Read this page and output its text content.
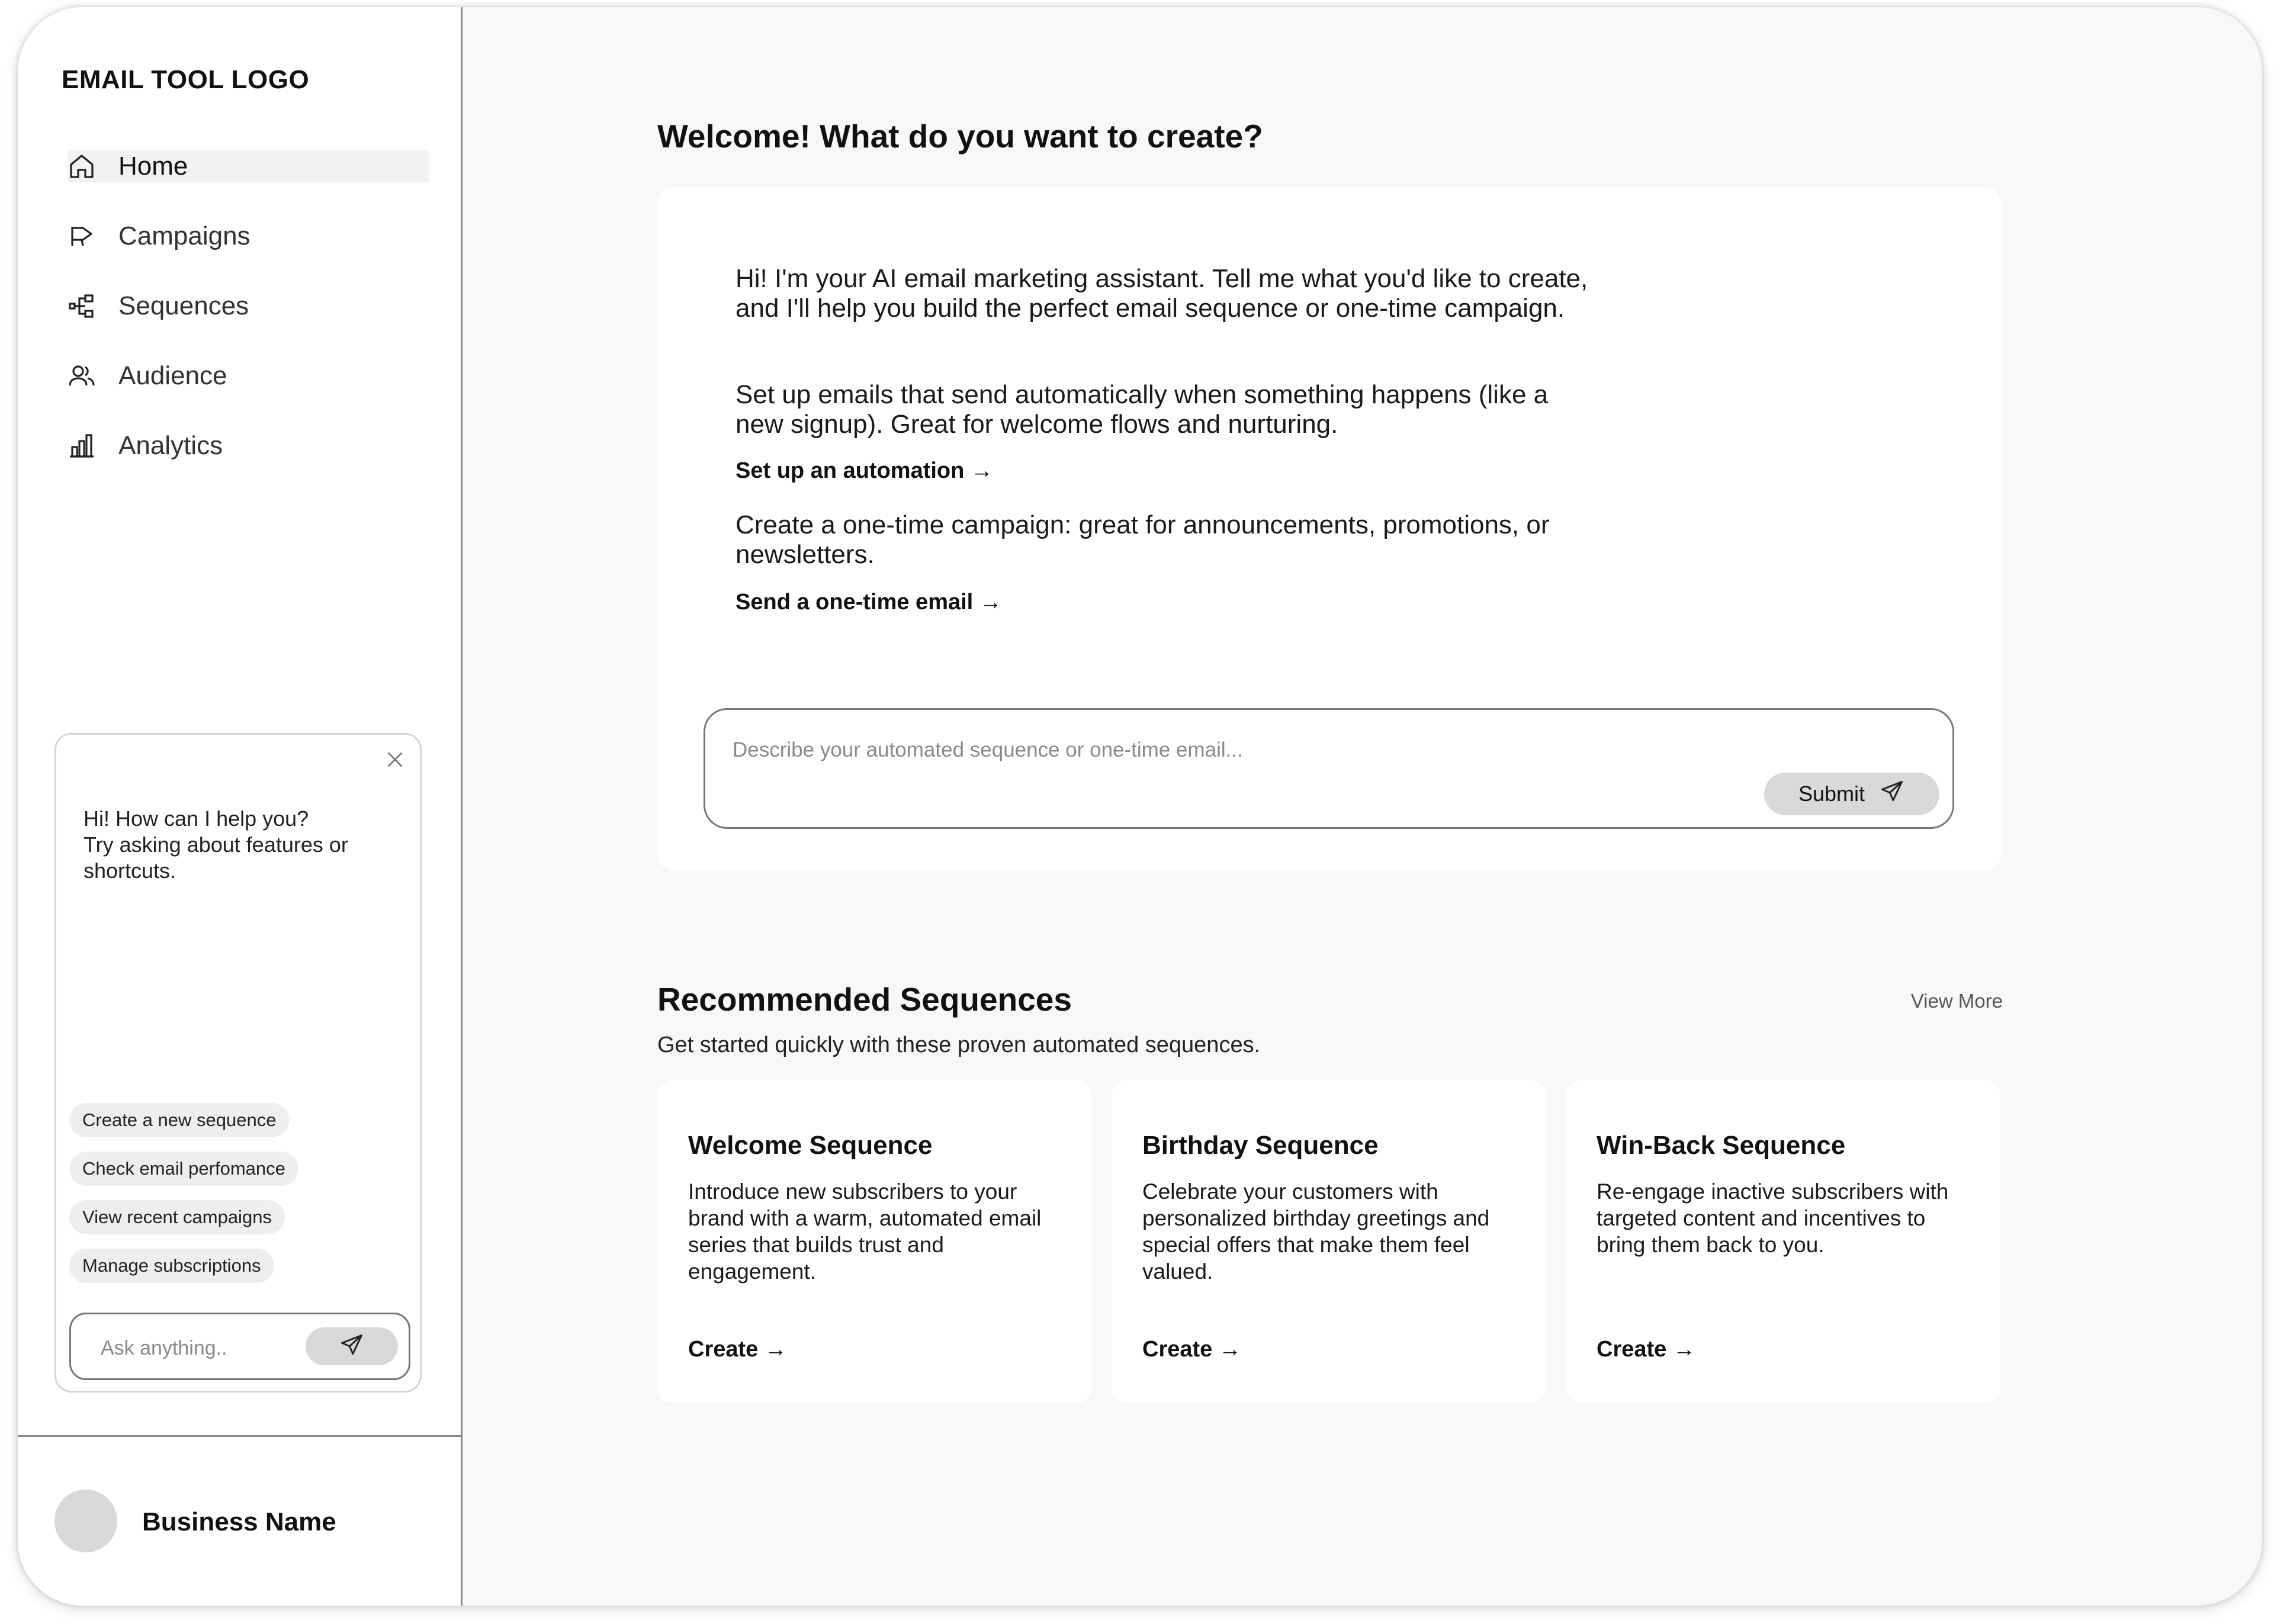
EMAIL TOOL LOGO
Home
Campaigns
Sequences
Audience
Analytics
Hi! How can I help you?
Try asking about features or shortcuts.
Create a new sequence
Check email perfomance
View recent campaigns
Manage subscriptions
Ask anything..
Business Name
Welcome! What do you want to create?
Hi! I'm your AI email marketing assistant. Tell me what you'd like to create, and I'll help you build the perfect email sequence or one-time campaign.
Set up emails that send automatically when something happens (like a new signup). Great for welcome flows and nurturing.
Set up an automation →
Create a one-time campaign: great for announcements, promotions, or newsletters.
Send a one-time email →
Describe your automated sequence or one-time email...
Submit
Recommended Sequences	View More
Get started quickly with these proven automated sequences.
Welcome Sequence
Introduce new subscribers to your brand with a warm, automated email series that builds trust and engagement.
Create →
Birthday Sequence
Celebrate your customers with personalized birthday greetings and special offers that make them feel valued.
Create →
Win-Back Sequence
Re-engage inactive subscribers with targeted content and incentives to bring them back to you.
Create →
